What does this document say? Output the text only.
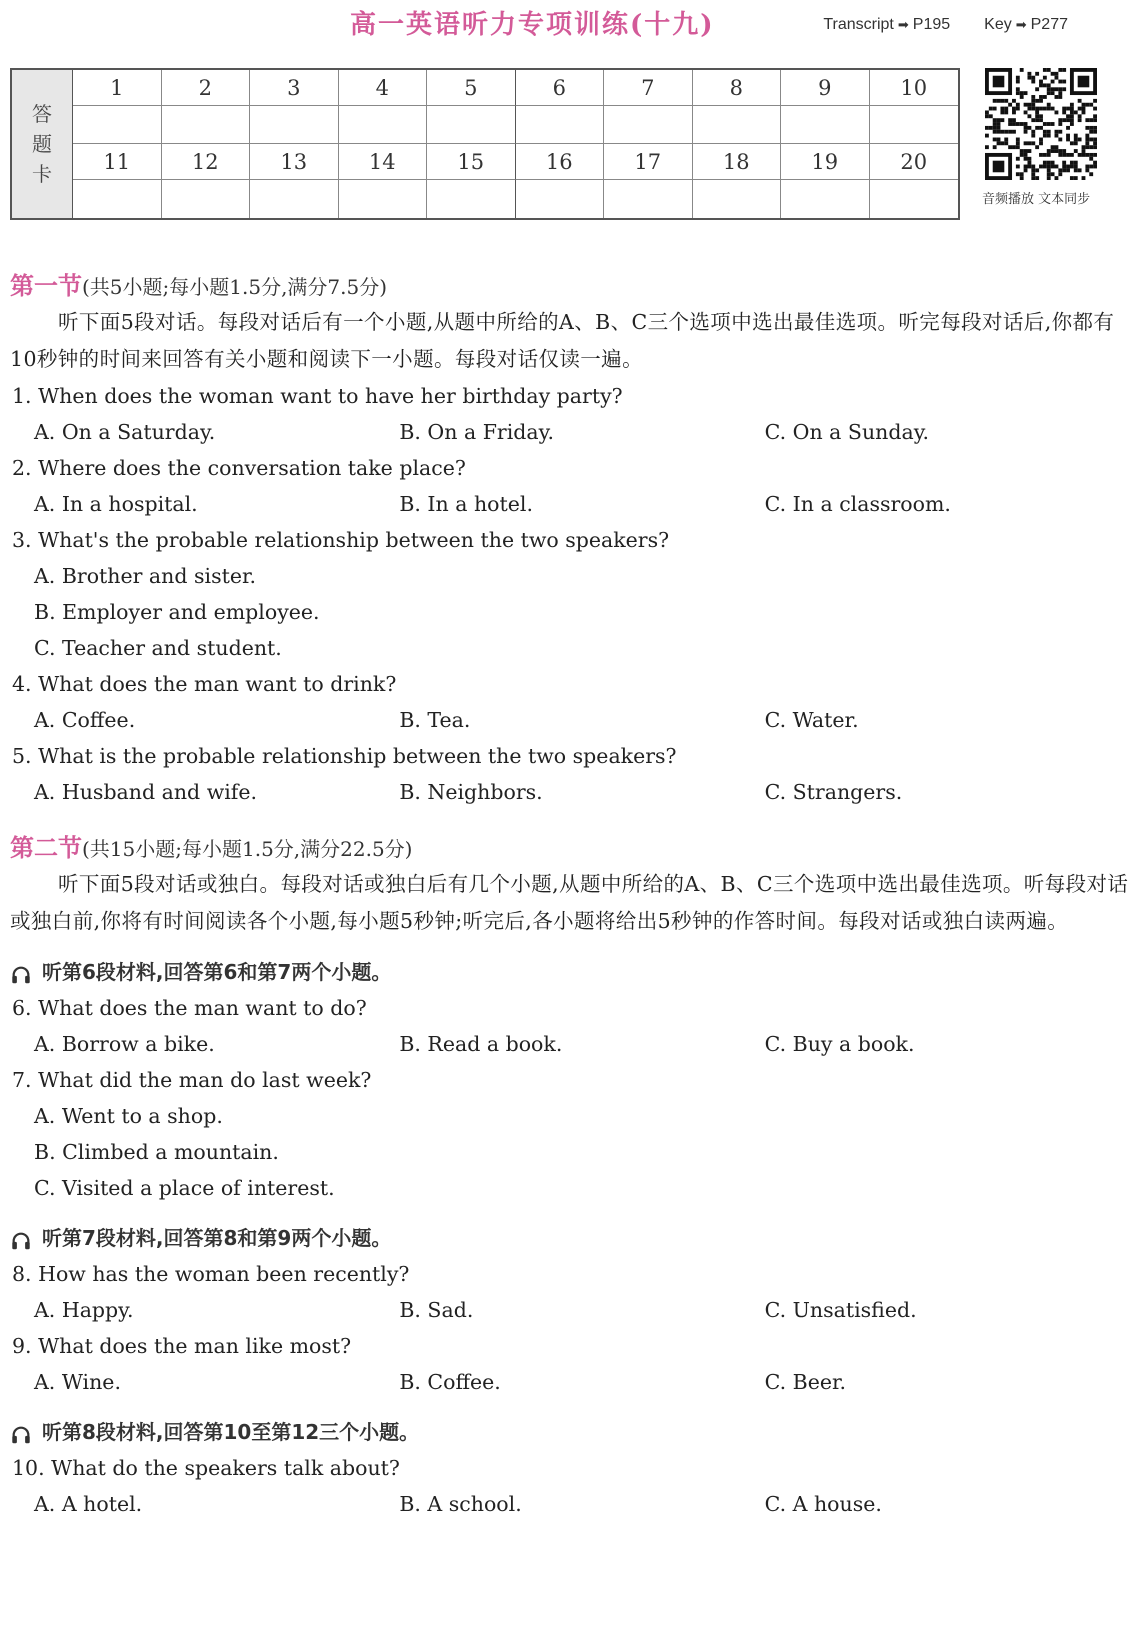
高一英语听力专项训练(十九)	Transcript ➡ P195 Key ➡ P277
答
题
卡
1	2	3	4	5	6	7	8	9	10
11	12	13	14	15	16	17	18	19	20
音频播放 文本同步
第一节(共5小题;每小题1.5分,满分7.5分)

听下面5段对话。每段对话后有一个小题,从题中所给的A、B、C三个选项中选出最佳选项。听完每段对话后,你都有10秒钟的时间来回答有关小题和阅读下一小题。每段对话仅读一遍。

1. When does the woman want to have her birthday party?
A. On a Saturday.	B. On a Friday.	C. On a Sunday.
2. Where does the conversation take place?
A. In a hospital.	B. In a hotel.	C. In a classroom.
3. What's the probable relationship between the two speakers?
A. Brother and sister.
B. Employer and employee.
C. Teacher and student.
4. What does the man want to drink?
A. Coffee.	B. Tea.	C. Water.
5. What is the probable relationship between the two speakers?
A. Husband and wife.	B. Neighbors.	C. Strangers.
第二节(共15小题;每小题1.5分,满分22.5分)

听下面5段对话或独白。每段对话或独白后有几个小题,从题中所给的A、B、C三个选项中选出最佳选项。听每段对话或独白前,你将有时间阅读各个小题,每小题5秒钟;听完后,各小题将给出5秒钟的作答时间。每段对话或独白读两遍。

听第6段材料,回答第6和第7两个小题。
6. What does the man want to do?
A. Borrow a bike.	B. Read a book.	C. Buy a book.
7. What did the man do last week?
A. Went to a shop.
B. Climbed a mountain.
C. Visited a place of interest.
听第7段材料,回答第8和第9两个小题。
8. How has the woman been recently?
A. Happy.	B. Sad.	C. Unsatisfied.
9. What does the man like most?
A. Wine.	B. Coffee.	C. Beer.
听第8段材料,回答第10至第12三个小题。
10. What do the speakers talk about?
A. A hotel.	B. A school.	C. A house.
